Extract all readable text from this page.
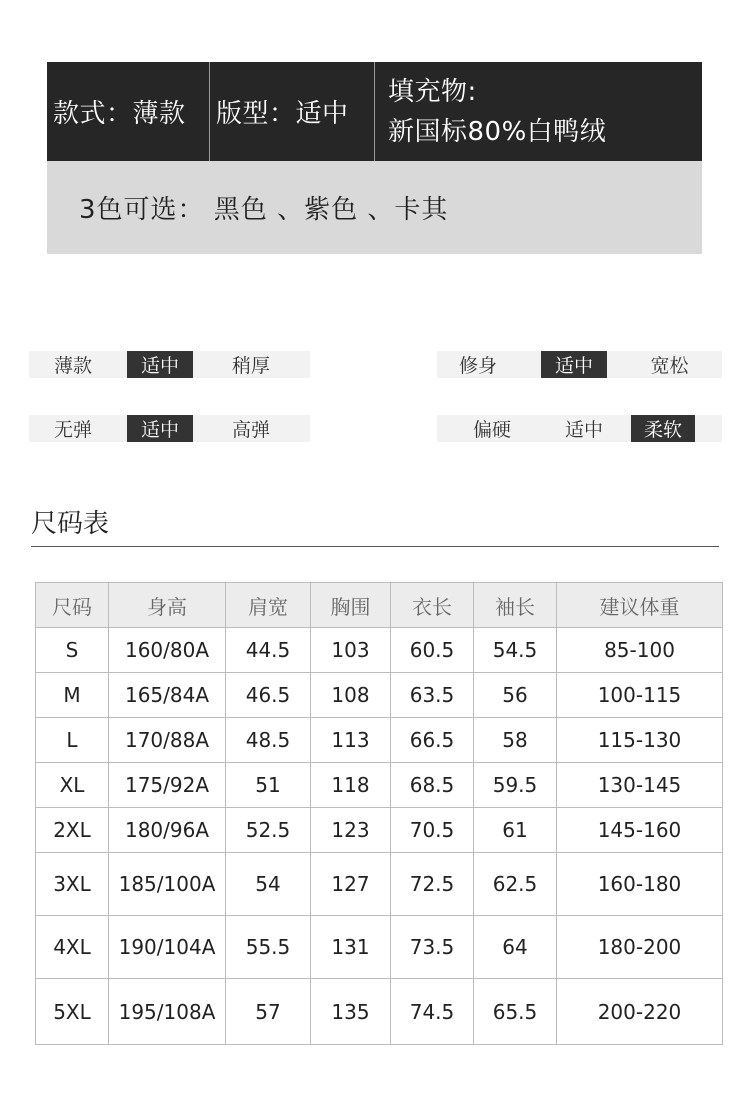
款式：薄款	版型：适中
填充物:
新国标80%白鸭绒
3色可选： 黑色 、紫色 、卡其
薄款	适中	稍厚	修身	适中	宽松
无弹	适中	高弹	偏硬	适中	柔软
尺码表
尺码	身高	肩宽	胸围	衣长	袖长	建议体重
S	160/80A	44.5	103	60.5	54.5	85-100
M	165/84A	46.5	108	63.5	56	100-115
L	170/88A	48.5	113	66.5	58	115-130
XL	175/92A	51	118	68.5	59.5	130-145
2XL	180/96A	52.5	123	70.5	61	145-160
3XL	185/100A	54	127	72.5	62.5	160-180
4XL	190/104A	55.5	131	73.5	64	180-200
5XL	195/108A	57	135	74.5	65.5	200-220
